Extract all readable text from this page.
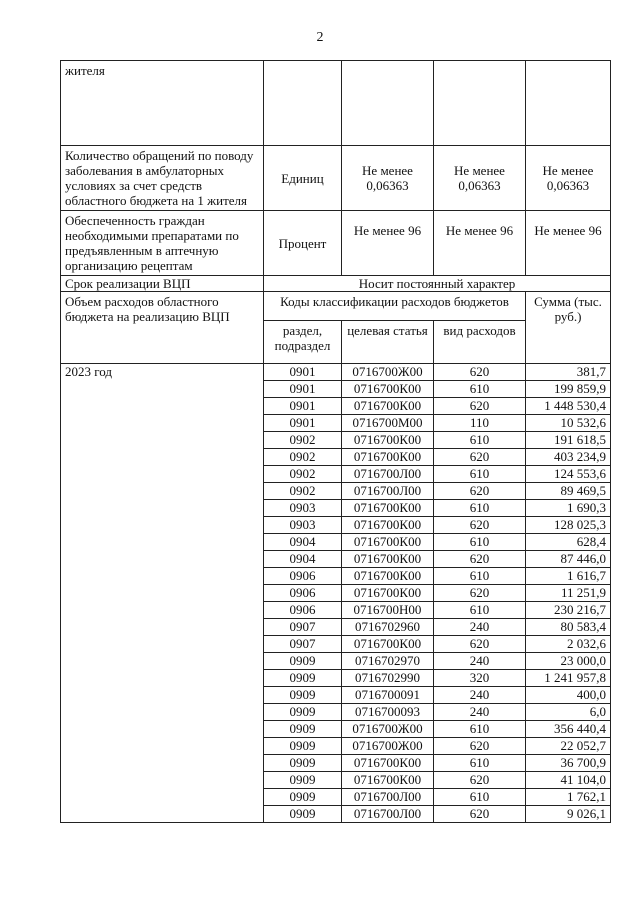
2
жителя				
Количество обращений по поводу заболевания в амбулаторных условиях за счет средств областного бюджета на 1 жителя	Единиц	Не менее 0,06363	Не менее 0,06363	Не менее 0,06363
Обеспеченность граждан необходимыми препаратами по предъявленным в аптечную организацию рецептам	Процент	Не менее 96	Не менее 96	Не менее 96
Срок реализации ВЦП	Носит постоянный характер			
Объем расходов областного бюджета на реализацию ВЦП	Коды классификации расходов бюджетов			Сумма (тыс. руб.)
	раздел, подраздел	целевая статья	вид расходов	
2023 год	0901	0716700Ж00	620	381,7
	0901	0716700К00	610	199 859,9
	0901	0716700К00	620	1 448 530,4
	0901	0716700М00	110	10 532,6
	0902	0716700К00	610	191 618,5
	0902	0716700К00	620	403 234,9
	0902	0716700Л00	610	124 553,6
	0902	0716700Л00	620	89 469,5
	0903	0716700К00	610	1 690,3
	0903	0716700К00	620	128 025,3
	0904	0716700К00	610	628,4
	0904	0716700К00	620	87 446,0
	0906	0716700К00	610	1 616,7
	0906	0716700К00	620	11 251,9
	0906	0716700Н00	610	230 216,7
	0907	0716702960	240	80 583,4
	0907	0716700К00	620	2 032,6
	0909	0716702970	240	23 000,0
	0909	0716702990	320	1 241 957,8
	0909	0716700091	240	400,0
	0909	0716700093	240	6,0
	0909	0716700Ж00	610	356 440,4
	0909	0716700Ж00	620	22 052,7
	0909	0716700К00	610	36 700,9
	0909	0716700К00	620	41 104,0
	0909	0716700Л00	610	1 762,1
	0909	0716700Л00	620	9 026,1
